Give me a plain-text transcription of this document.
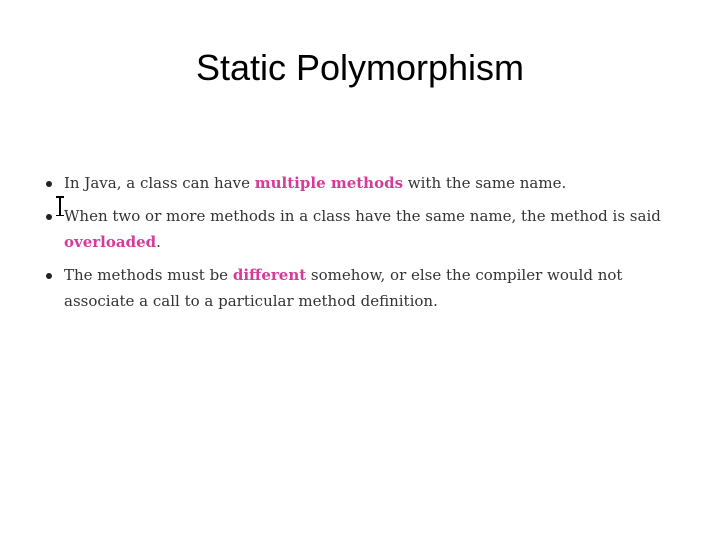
Static Polymorphism
In Java, a class can have multiple methods with the same name.
When two or more methods in a class have the same name, the method is said overloaded.
The methods must be different somehow, or else the compiler would not associate a call to a particular method definition.
